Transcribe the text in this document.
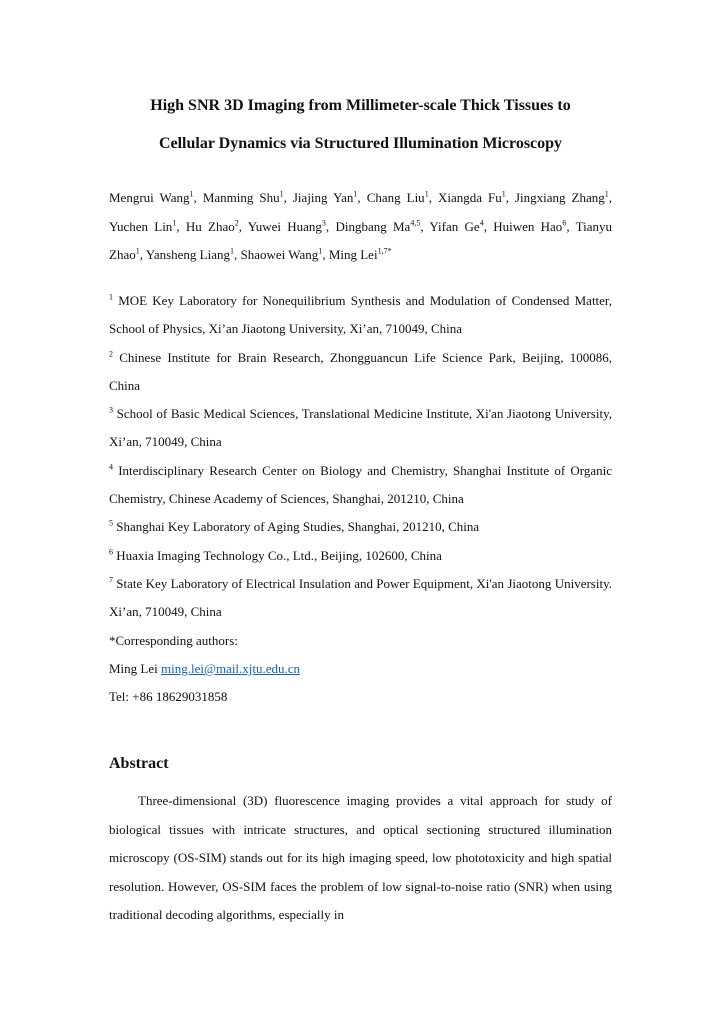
High SNR 3D Imaging from Millimeter-scale Thick Tissues to
Cellular Dynamics via Structured Illumination Microscopy

Mengrui Wang$^1$, Manming Shu$^1$, Jiajing Yan$^1$, Chang Liu$^1$, Xiangda Fu$^1$, Jingxiang Zhang$^1$, Yuchen Lin$^1$, Hu Zhao$^2$, Yuwei Huang$^3$, Dingbang Ma$^{4,5}$, Yifan Ge$^4$, Huiwen Hao$^6$, Tianyu Zhao$^1$, Yansheng Liang$^1$, Shaowei Wang$^1$, Ming Lei$^{1,7*}$

$^1$ MOE Key Laboratory for Nonequilibrium Synthesis and Modulation of Condensed Matter, School of Physics, Xi’an Jiaotong University, Xi’an, 710049, China

$^2$ Chinese Institute for Brain Research, Zhongguancun Life Science Park, Beijing, 100086, China

$^3$ School of Basic Medical Sciences, Translational Medicine Institute, Xi'an Jiaotong University, Xi’an, 710049, China

$^4$ Interdisciplinary Research Center on Biology and Chemistry, Shanghai Institute of Organic Chemistry, Chinese Academy of Sciences, Shanghai, 201210, China

$^5$ Shanghai Key Laboratory of Aging Studies, Shanghai, 201210, China

$^6$ Huaxia Imaging Technology Co., Ltd., Beijing, 102600, China

$^7$ State Key Laboratory of Electrical Insulation and Power Equipment, Xi'an Jiaotong University. Xi’an, 710049, China

*Corresponding authors:

Ming Lei ming.lei@mail.xjtu.edu.cn

Tel: +86 18629031858

Abstract

Three-dimensional (3D) fluorescence imaging provides a vital approach for study of biological tissues with intricate structures, and optical sectioning structured illumination microscopy (OS-SIM) stands out for its high imaging speed, low phototoxicity and high spatial resolution. However, OS-SIM faces the problem of low signal-to-noise ratio (SNR) when using traditional decoding algorithms, especially in
